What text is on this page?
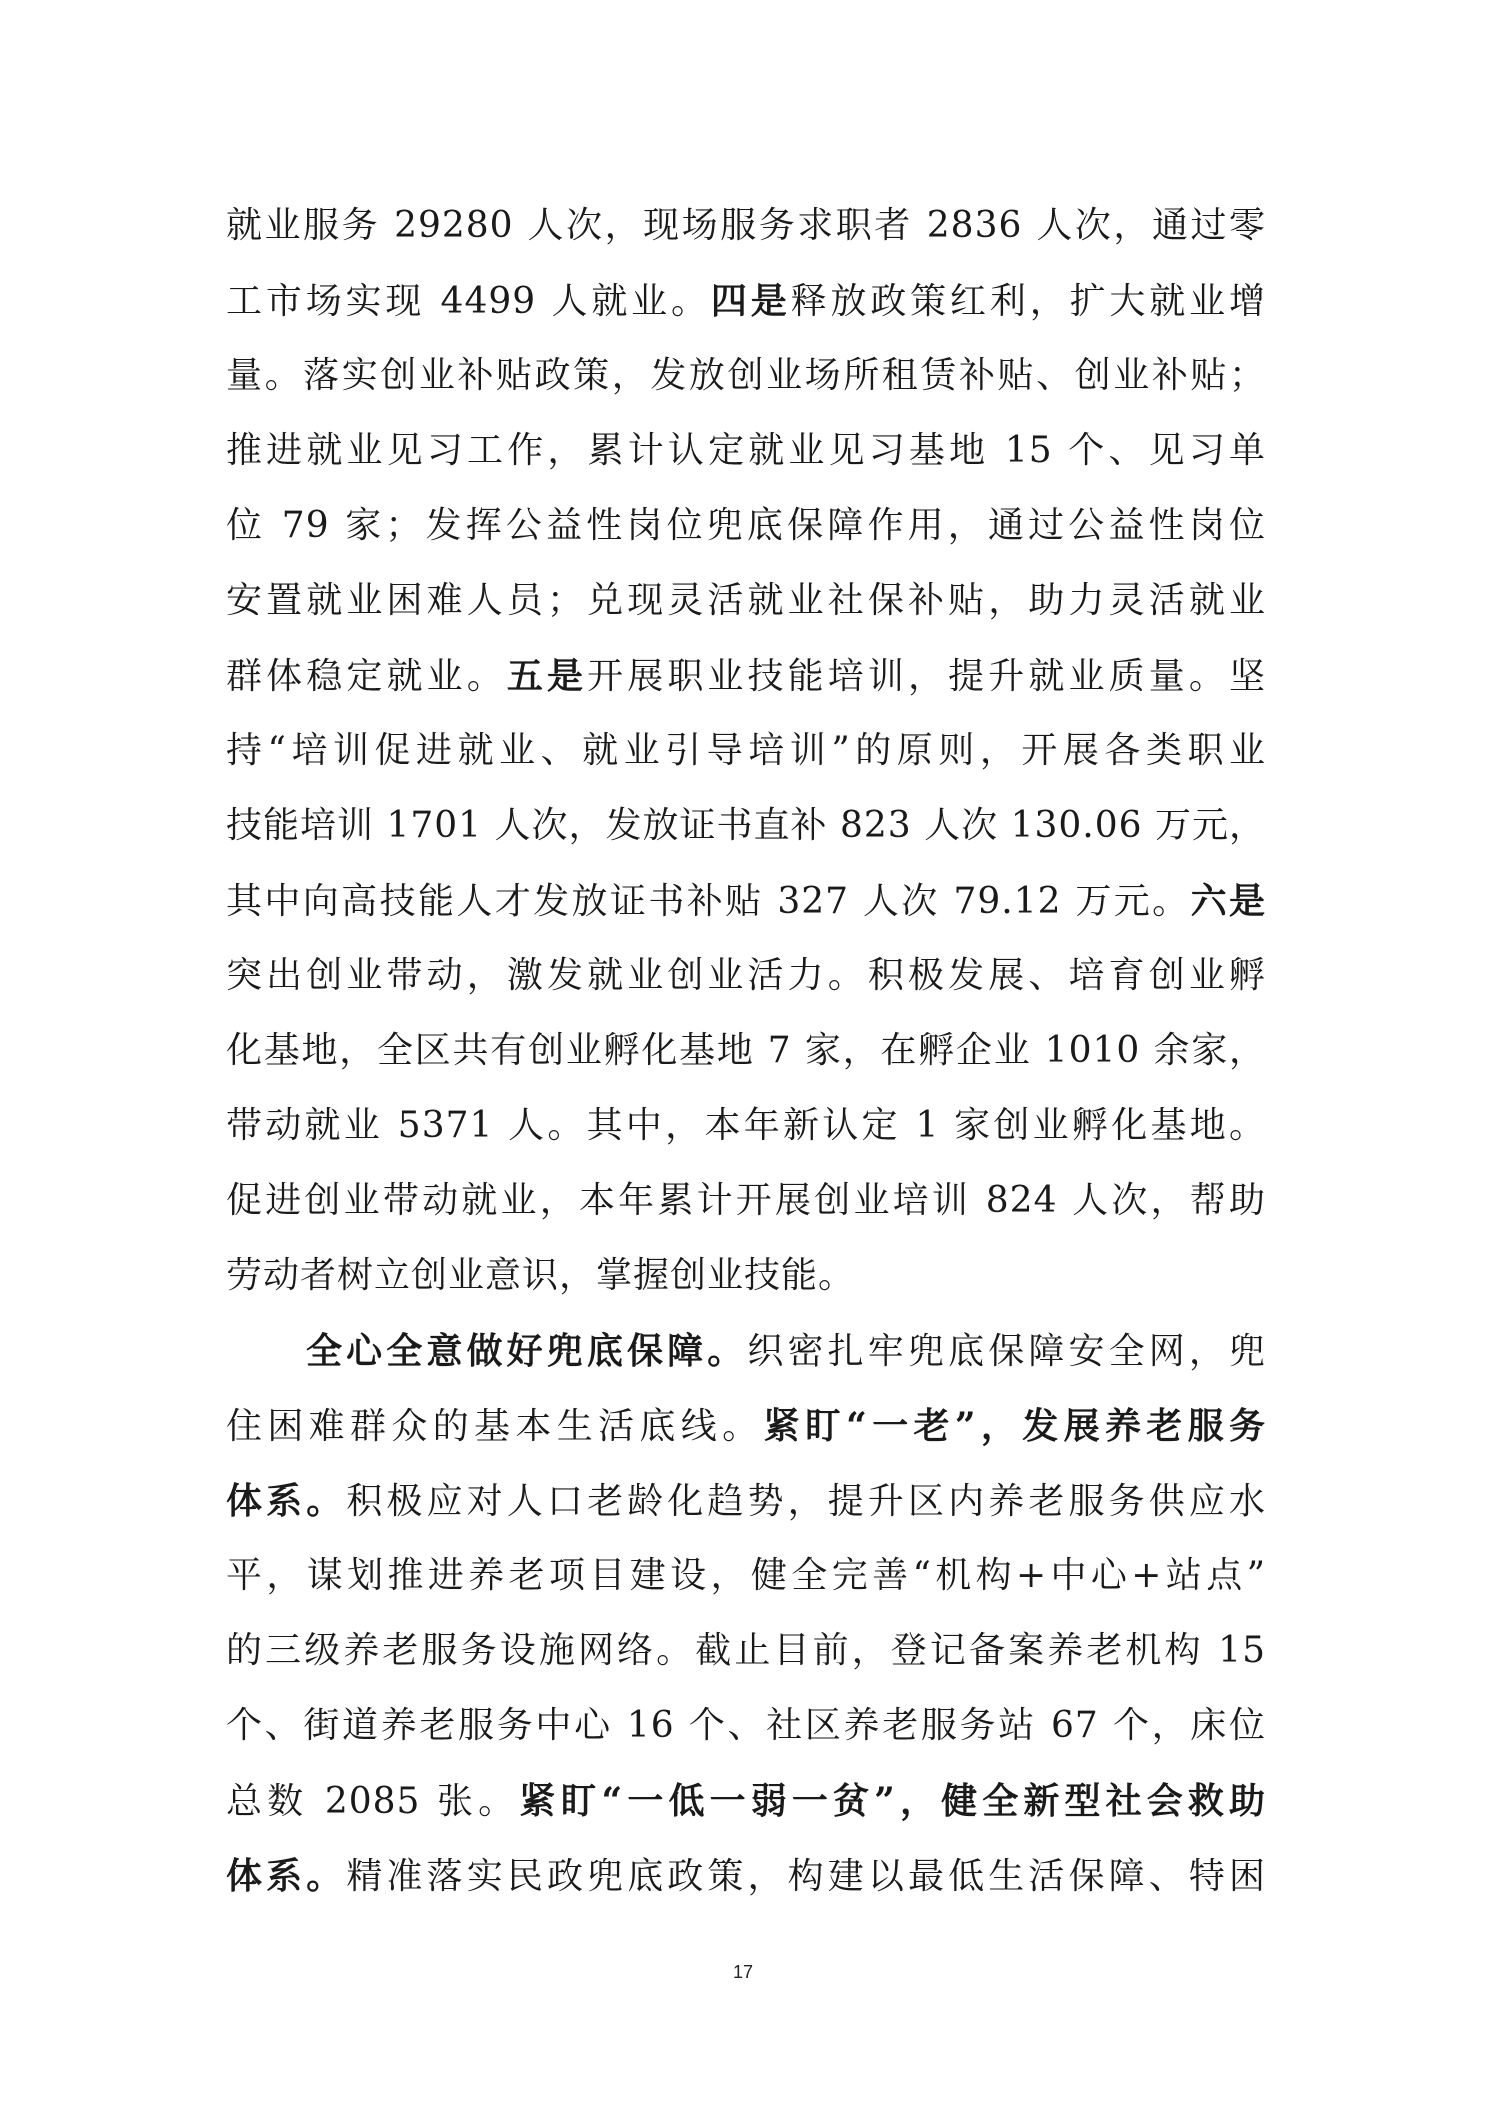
就业服务 29280 人次，现场服务求职者 2836 人次，通过零
工市场实现 4499 人就业。四是释放政策红利，扩大就业增
量。落实创业补贴政策，发放创业场所租赁补贴、创业补贴；
推进就业见习工作，累计认定就业见习基地 15 个、见习单
位 79 家；发挥公益性岗位兜底保障作用，通过公益性岗位
安置就业困难人员；兑现灵活就业社保补贴，助力灵活就业
群体稳定就业。五是开展职业技能培训，提升就业质量。坚
持“培训促进就业、就业引导培训”的原则，开展各类职业
技能培训 1701 人次，发放证书直补 823 人次 130.06 万元，
其中向高技能人才发放证书补贴 327 人次 79.12 万元。六是
突出创业带动，激发就业创业活力。积极发展、培育创业孵
化基地，全区共有创业孵化基地 7 家，在孵企业 1010 余家，
带动就业 5371 人。其中，本年新认定 1 家创业孵化基地。
促进创业带动就业，本年累计开展创业培训 824 人次，帮助
劳动者树立创业意识，掌握创业技能。
全心全意做好兜底保障。织密扎牢兜底保障安全网，兜
住困难群众的基本生活底线。紧盯“一老”，发展养老服务
体系。积极应对人口老龄化趋势，提升区内养老服务供应水
平，谋划推进养老项目建设，健全完善“机构+中心+站点”
的三级养老服务设施网络。截止目前，登记备案养老机构 15
个、街道养老服务中心 16 个、社区养老服务站 67 个，床位
总数 2085 张。紧盯“一低一弱一贫”，健全新型社会救助
体系。精准落实民政兜底政策，构建以最低生活保障、特困
17
